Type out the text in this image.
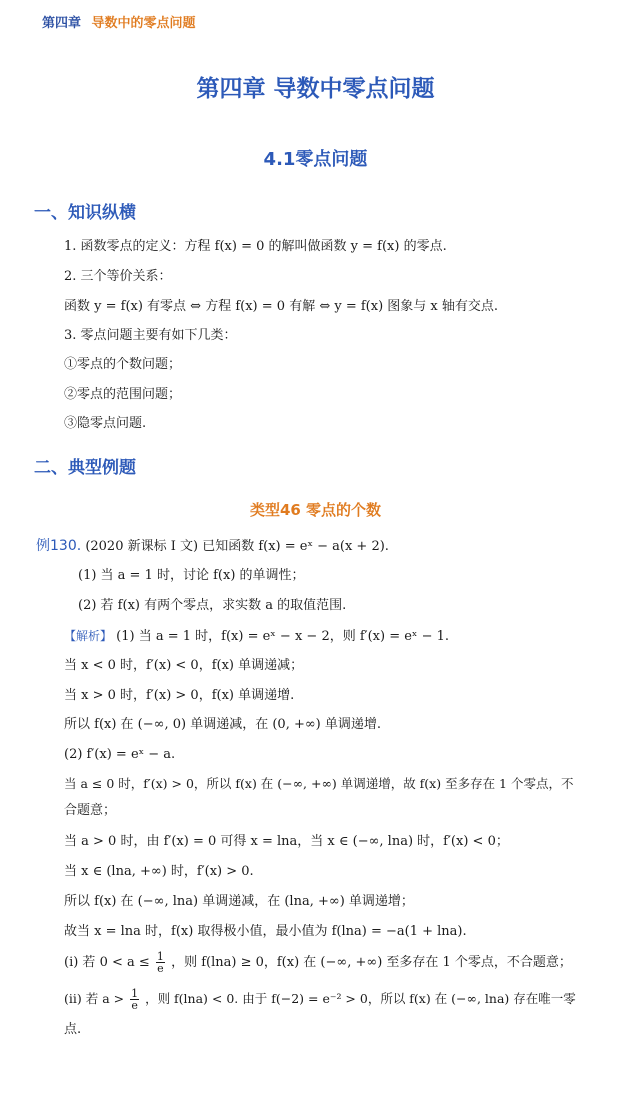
第四章 导数中的零点问题
第四章 导数中零点问题
4.1零点问题
一、知识纵横
1. 函数零点的定义：方程 f(x) = 0 的解叫做函数 y = f(x) 的零点.
2. 三个等价关系：
函数 y = f(x) 有零点 ⇔ 方程 f(x) = 0 有解 ⇔ y = f(x) 图象与 x 轴有交点.
3. 零点问题主要有如下几类：
①零点的个数问题；
②零点的范围问题；
③隐零点问题.
二、典型例题
类型46 零点的个数
例130. (2020 新课标 Ⅰ 文) 已知函数 f(x) = eˣ − a(x + 2).
(1) 当 a = 1 时，讨论 f(x) 的单调性；
(2) 若 f(x) 有两个零点，求实数 a 的取值范围.
【解析】 (1) 当 a = 1 时，f(x) = eˣ − x − 2，则 f′(x) = eˣ − 1.
当 x < 0 时，f′(x) < 0，f(x) 单调递减；
当 x > 0 时，f′(x) > 0，f(x) 单调递增.
所以 f(x) 在 (−∞, 0) 单调递减，在 (0, +∞) 单调递增.
(2) f′(x) = eˣ − a.
当 a ≤ 0 时，f′(x) > 0，所以 f(x) 在 (−∞, +∞) 单调递增，故 f(x) 至多存在 1 个零点，不
合题意；
当 a > 0 时，由 f′(x) = 0 可得 x = lna，当 x ∈ (−∞, lna) 时，f′(x) < 0；
当 x ∈ (lna, +∞) 时，f′(x) > 0.
所以 f(x) 在 (−∞, lna) 单调递减，在 (lna, +∞) 单调递增；
故当 x = lna 时，f(x) 取得极小值，最小值为 f(lna) = −a(1 + lna).
(i) 若 $0 < a \le \frac{1}{e}$ ，则 f(lna) ≥ 0，f(x) 在 (−∞, +∞) 至多存在 1 个零点，不合题意；
(ii) 若 $a > \frac{1}{e}$ ，则 f(lna) < 0. 由于 f(−2) = e⁻² > 0，所以 f(x) 在 (−∞, lna) 存在唯一零
点.
